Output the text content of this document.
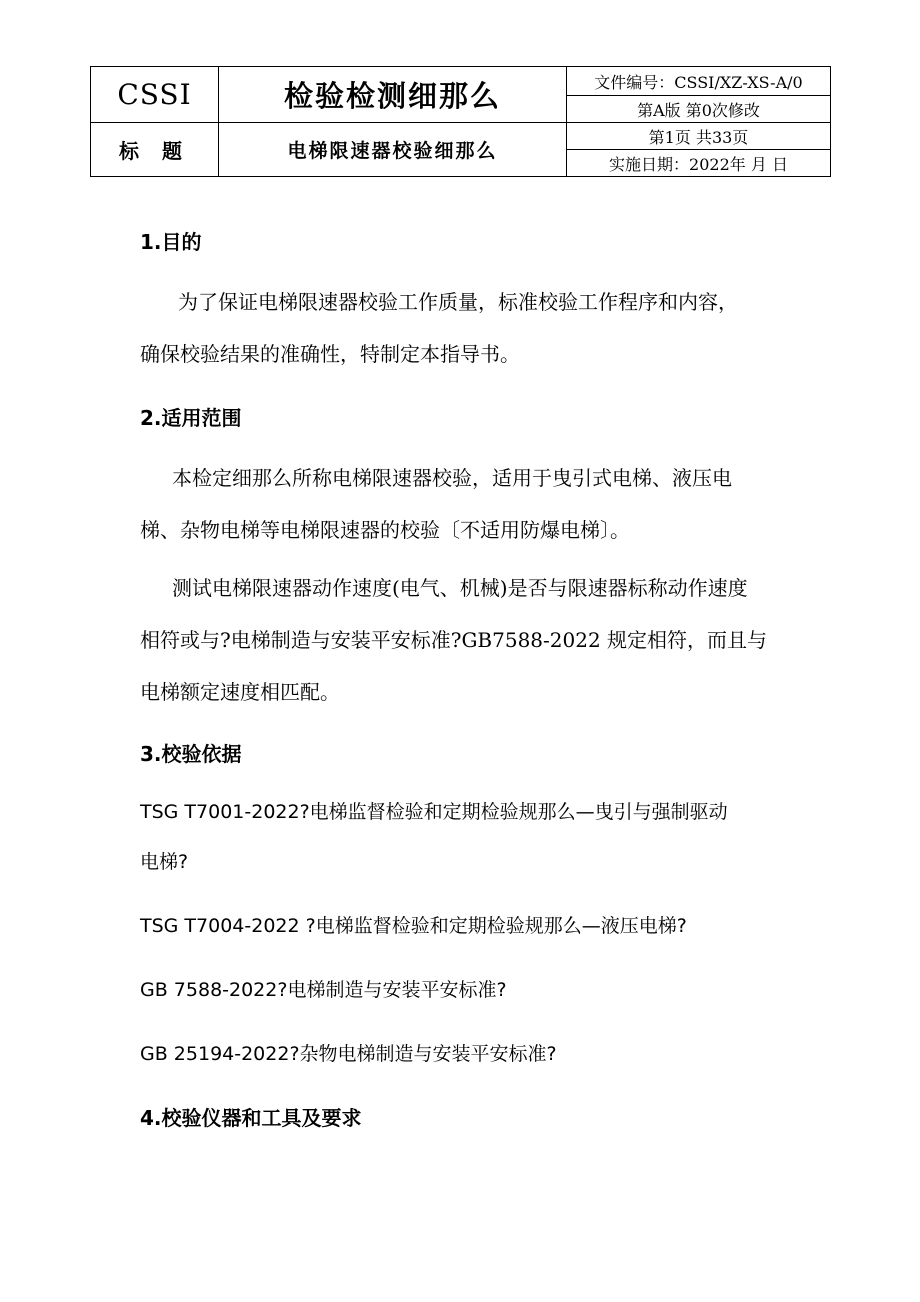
CSSI	检验检测细那么	文件编号：CSSI/XZ-XS-A/0
		第A版 第0次修改
标 题	电梯限速器校验细那么	第1页 共33页
		实施日期：2022年 月 日
1.目的
为了保证电梯限速器校验工作质量，标准校验工作程序和内容，
确保校验结果的准确性，特制定本指导书。
2.适用范围
本检定细那么所称电梯限速器校验，适用于曳引式电梯、液压电
梯、杂物电梯等电梯限速器的校验〔不适用防爆电梯〕。
测试电梯限速器动作速度(电气、机械)是否与限速器标称动作速度
相符或与?电梯制造与安装平安标准?GB7588-2022 规定相符，而且与
电梯额定速度相匹配。
3.校验依据
TSG T7001-2022?电梯监督检验和定期检验规那么—曳引与强制驱动
电梯?
TSG T7004-2022 ?电梯监督检验和定期检验规那么—液压电梯?
GB 7588-2022?电梯制造与安装平安标准?
GB 25194-2022?杂物电梯制造与安装平安标准?
4.校验仪器和工具及要求
